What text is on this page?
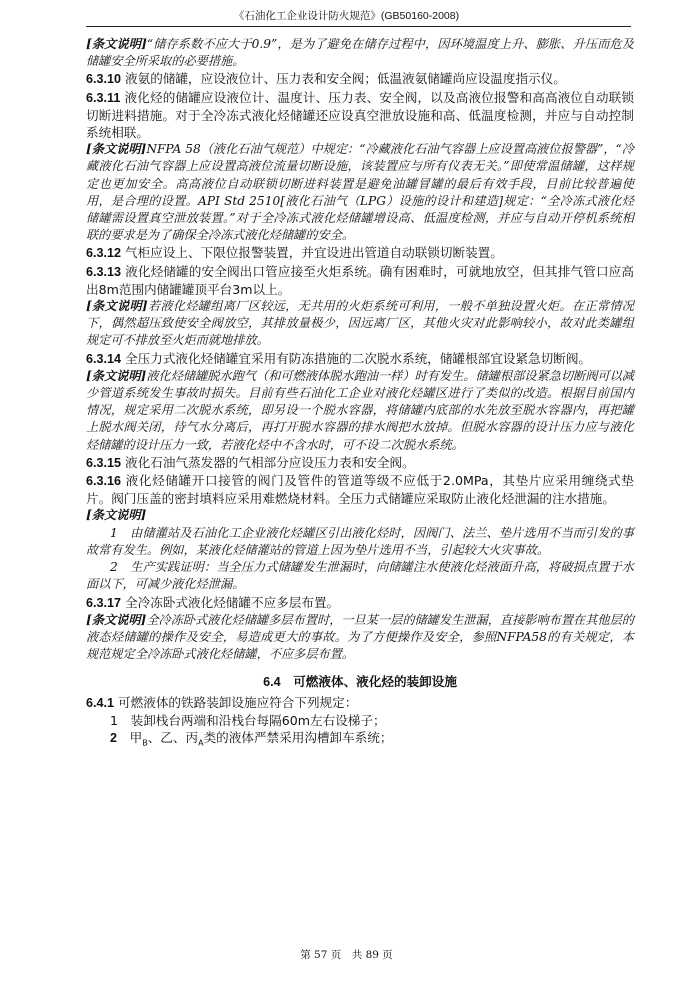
《石油化工企业设计防火规范》(GB50160-2008)

[条文说明]“储存系数不应大于0.9”，是为了避免在储存过程中，因环境温度上升、膨胀、升压而危及储罐安全所采取的必要措施。

6.3.10 液氨的储罐，应设液位计、压力表和安全阀；低温液氨储罐尚应设温度指示仪。

6.3.11 液化烃的储罐应设液位计、温度计、压力表、安全阀，以及高液位报警和高高液位自动联锁切断进料措施。对于全冷冻式液化烃储罐还应设真空泄放设施和高、低温度检测，并应与自动控制系统相联。

[条文说明]NFPA 58（液化石油气规范）中规定：“冷藏液化石油气容器上应设置高液位报警器”，“冷藏液化石油气容器上应设置高液位流量切断设施，该装置应与所有仪表无关。”即使常温储罐，这样规定也更加安全。高高液位自动联锁切断进料装置是避免油罐冒罐的最后有效手段，目前比较普遍使用，是合理的设置。API Std 2510[液化石油气（LPG）设施的设计和建造]规定：“全冷冻式液化烃储罐需设置真空泄放装置。”对于全冷冻式液化烃储罐增设高、低温度检测，并应与自动开停机系统相联的要求是为了确保全冷冻式液化烃储罐的安全。

6.3.12 气柜应设上、下限位报警装置，并宜设进出管道自动联锁切断装置。

6.3.13 液化烃储罐的安全阀出口管应接至火炬系统。确有困难时，可就地放空，但其排气管口应高出8m范围内储罐罐顶平台3m以上。

[条文说明]若液化烃罐组离厂区较远，无共用的火炬系统可利用，一般不单独设置火炬。在正常情况下，偶然超压致使安全阀放空，其排放量极少，因远离厂区，其他火灾对此影响较小，故对此类罐组规定可不排放至火炬而就地排放。

6.3.14 全压力式液化烃储罐宜采用有防冻措施的二次脱水系统，储罐根部宜设紧急切断阀。

[条文说明]液化烃储罐脱水跑气（和可燃液体脱水跑油一样）时有发生。储罐根部设紧急切断阀可以减少管道系统发生事故时损失。目前有些石油化工企业对液化烃罐区进行了类似的改造。根据目前国内情况，规定采用二次脱水系统，即另设一个脱水容器，将储罐内底部的水先放至脱水容器内，再把罐上脱水阀关闭，待气水分离后，再打开脱水容器的排水阀把水放掉。但脱水容器的设计压力应与液化烃储罐的设计压力一致，若液化烃中不含水时，可不设二次脱水系统。

6.3.15 液化石油气蒸发器的气相部分应设压力表和安全阀。

6.3.16 液化烃储罐开口接管的阀门及管件的管道等级不应低于2.0MPa，其垫片应采用缠绕式垫片。阀门压盖的密封填料应采用难燃烧材料。全压力式储罐应采取防止液化烃泄漏的注水措施。

[条文说明]

1　由储灌站及石油化工企业液化烃罐区引出液化烃时，因阀门、法兰、垫片选用不当而引发的事故常有发生。例如，某液化烃储灌站的管道上因为垫片选用不当，引起较大火灾事故。

2　生产实践证明：当全压力式储罐发生泄漏时，向储罐注水使液化烃液面升高，将破损点置于水面以下，可减少液化烃泄漏。

6.3.17 全冷冻卧式液化烃储罐不应多层布置。

[条文说明]全冷冻卧式液化烃储罐多层布置时，一旦某一层的储罐发生泄漏，直接影响布置在其他层的液态烃储罐的操作及安全，易造成更大的事故。为了方便操作及安全，参照NFPA58的有关规定，本规范规定全冷冻卧式液化烃储罐，不应多层布置。

6.4　 可燃液体、液化烃的装卸设施

6.4.1 可燃液体的铁路装卸设施应符合下列规定：

1　 装卸栈台两端和沿栈台每隔60m左右设梯子；

2　 甲$_B$、乙、丙$_A$类的液体严禁采用沟槽卸车系统；

第 57 页　共 89 页
